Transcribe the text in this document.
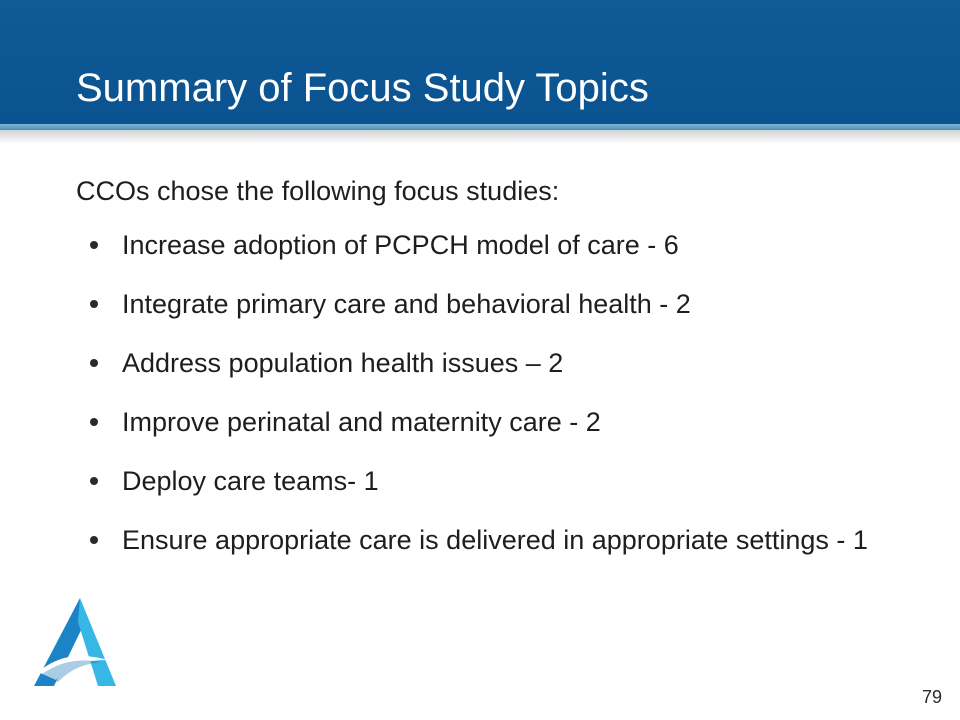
Summary of Focus Study Topics

CCOs chose the following focus studies:

Increase adoption of PCPCH model of care - 6
Integrate primary care and behavioral health - 2
Address population health issues – 2
Improve perinatal and maternity care - 2
Deploy care teams- 1
Ensure appropriate care is delivered in appropriate settings - 1
79
